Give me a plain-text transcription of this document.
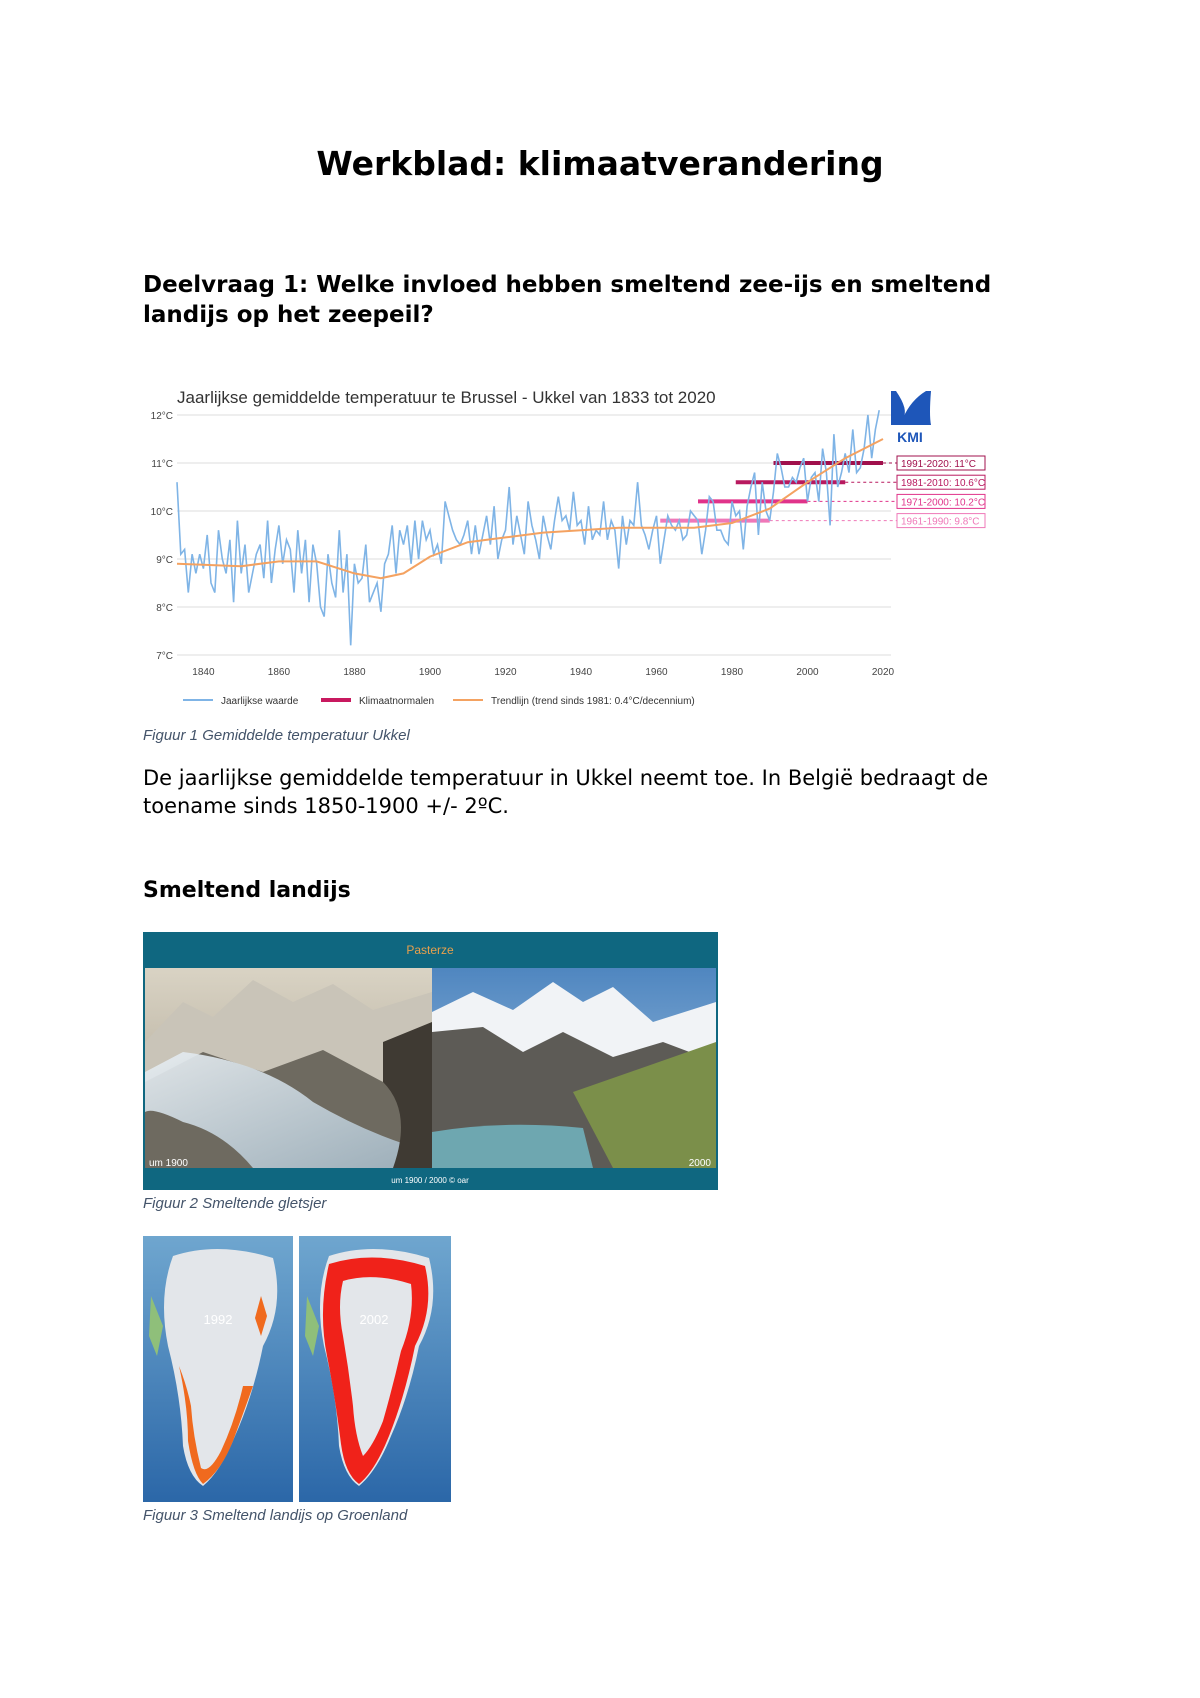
Werkblad: klimaatverandering
Deelvraag 1: Welke invloed hebben smeltend zee-ijs en smeltend landijs op het zeepeil?
Jaarlijkse gemiddelde temperatuur te Brussel - Ukkel van 1833 tot 2020
KMI
7°C
8°C
9°C
10°C
11°C
12°C
1840	1860	1880	1900	1920	1940	1960	1980	2000	2020
1991-2020: 11°C
1981-2010: 10.6°C
1971-2000: 10.2°C
1961-1990: 9.8°C
Jaarlijkse waarde	Klimaatnormalen	Trendlijn (trend sinds 1981: 0.4°C/decennium)
Figuur 1 Gemiddelde temperatuur Ukkel

De jaarlijkse gemiddelde temperatuur in Ukkel neemt toe. In België bedraagt de toename sinds 1850-1900 +/- 2ºC.

Smeltend landijs
Pasterze
um 1900	2000
um 1900 / 2000 © oar
Figuur 2 Smeltende gletsjer
1992	2002
Figuur 3 Smeltend landijs op Groenland
